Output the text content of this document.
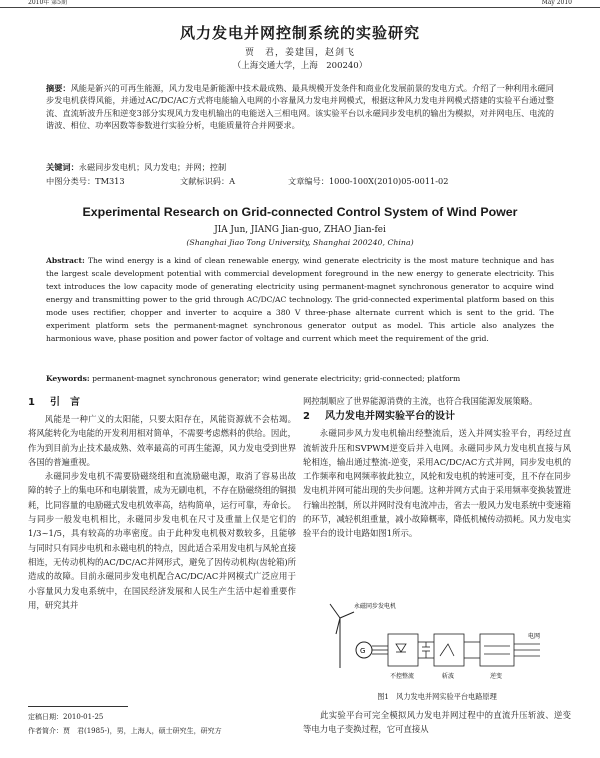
2010年 第5期	May 2010
风力发电并网控制系统的实验研究
贾　君，姜建国，赵剑飞
（上海交通大学，上海　200240）
摘要：风能是新兴的可再生能源，风力发电是新能源中技术最成熟、最具规模开发条件和商业化发展前景的发电方式。介绍了一种利用永磁同步发电机获得风能，并通过AC/DC/AC方式将电能输入电网的小容量风力发电并网模式，根据这种风力发电并网模式搭建的实验平台通过整流、直流斩波升压和逆变3部分实现风力发电机输出的电能送入三相电网。该实验平台以永磁同步发电机的输出为模拟，对并网电压、电流的谐波、相位、功率因数等参数进行实验分析，电能质量符合并网要求。
关键词：永磁同步发电机；风力发电；并网；控制
中图分类号：TM313	文献标识码：A	文章编号：1000-100X(2010)05-0011-02
Experimental Research on Grid-connected Control System of Wind Power
JIA Jun, JIANG Jian-guo, ZHAO Jian-fei
(Shanghai Jiao Tong University, Shanghai 200240, China)
Abstract: The wind energy is a kind of clean renewable energy, wind generate electricity is the most mature technique and has the largest scale development potential with commercial development foreground in the new energy to generate electricity. This text introduces the low capacity mode of generating electricity using permanent-magnet synchronous generator to acquire wind energy and transmitting power to the grid through AC/DC/AC technology. The grid-connected experimental platform based on this mode uses rectifier, chopper and inverter to acquire a 380 V three-phase alternate current which is sent to the grid. The experiment platform sets the permanent-magnet synchronous generator output as model. This article also analyzes the harmonious wave, phase position and power factor of voltage and current which meet the requirement of the grid.
Keywords: permanent-magnet synchronous generator; wind generate electricity; grid-connected; platform
1 引　言

风能是一种广义的太阳能，只要太阳存在，风能资源就不会枯竭。将风能转化为电能的开发利用相对简单，不需要考虑燃料的供给。因此，作为到目前为止技术最成熟、效率最高的可再生能源，风力发电受到世界各国的普遍重视。

永磁同步发电机不需要励磁绕组和直流励磁电源，取消了容易出故障的转子上的集电环和电刷装置，成为无刷电机，不存在励磁绕组的铜损耗，比同容量的电励磁式发电机效率高，结构简单，运行可靠，寿命长。与同步一般发电机相比，永磁同步发电机在尺寸及重量上仅是它们的1/3~1/5，具有较高的功率密度。由于此种发电机极对数较多，且能够与同时只有同步电机和永磁电机的特点，因此适合采用发电机与风轮直接相连，无传动机构的AC/DC/AC并网形式，避免了因传动机构(齿轮箱)所造成的故障。目前永磁同步发电机配合AC/DC/AC并网模式广泛应用于小容量风力发电系统中，在国民经济发展和人民生产生活中起着重要作用，研究其并

网控制顺应了世界能源消费的主流，也符合我国能源发展策略。

2 风力发电并网实验平台的设计

永磁同步风力发电机输出经整流后，送入并网实验平台，再经过直流斩波升压和SVPWM逆变后并入电网。永磁同步风力发电机直接与风轮相连，输出通过整流-逆变，采用AC/DC/AC方式并网，同步发电机的工作频率和电网频率彼此独立，风轮和发电机的转速可变，且不存在同步发电机并网可能出现的失步问题。这种并网方式由于采用频率变换装置进行输出控制，所以并网时没有电流冲击，省去一般风力发电系统中变速箱的环节，减轻机组重量，减小故障概率，降低机械传动损耗。风力发电实验平台的设计电路如图1所示。

G
永磁同步发电机
不控整流	斩波	逆变
电网
图1　风力发电并网实验平台电路原理
此实验平台可完全模拟风力发电并网过程中的直流升压斩波、逆变等电力电子变换过程，它可直接从
定稿日期：2010-01-25
作者简介：贾　君(1985-)，男，上海人，硕士研究生，研究方
